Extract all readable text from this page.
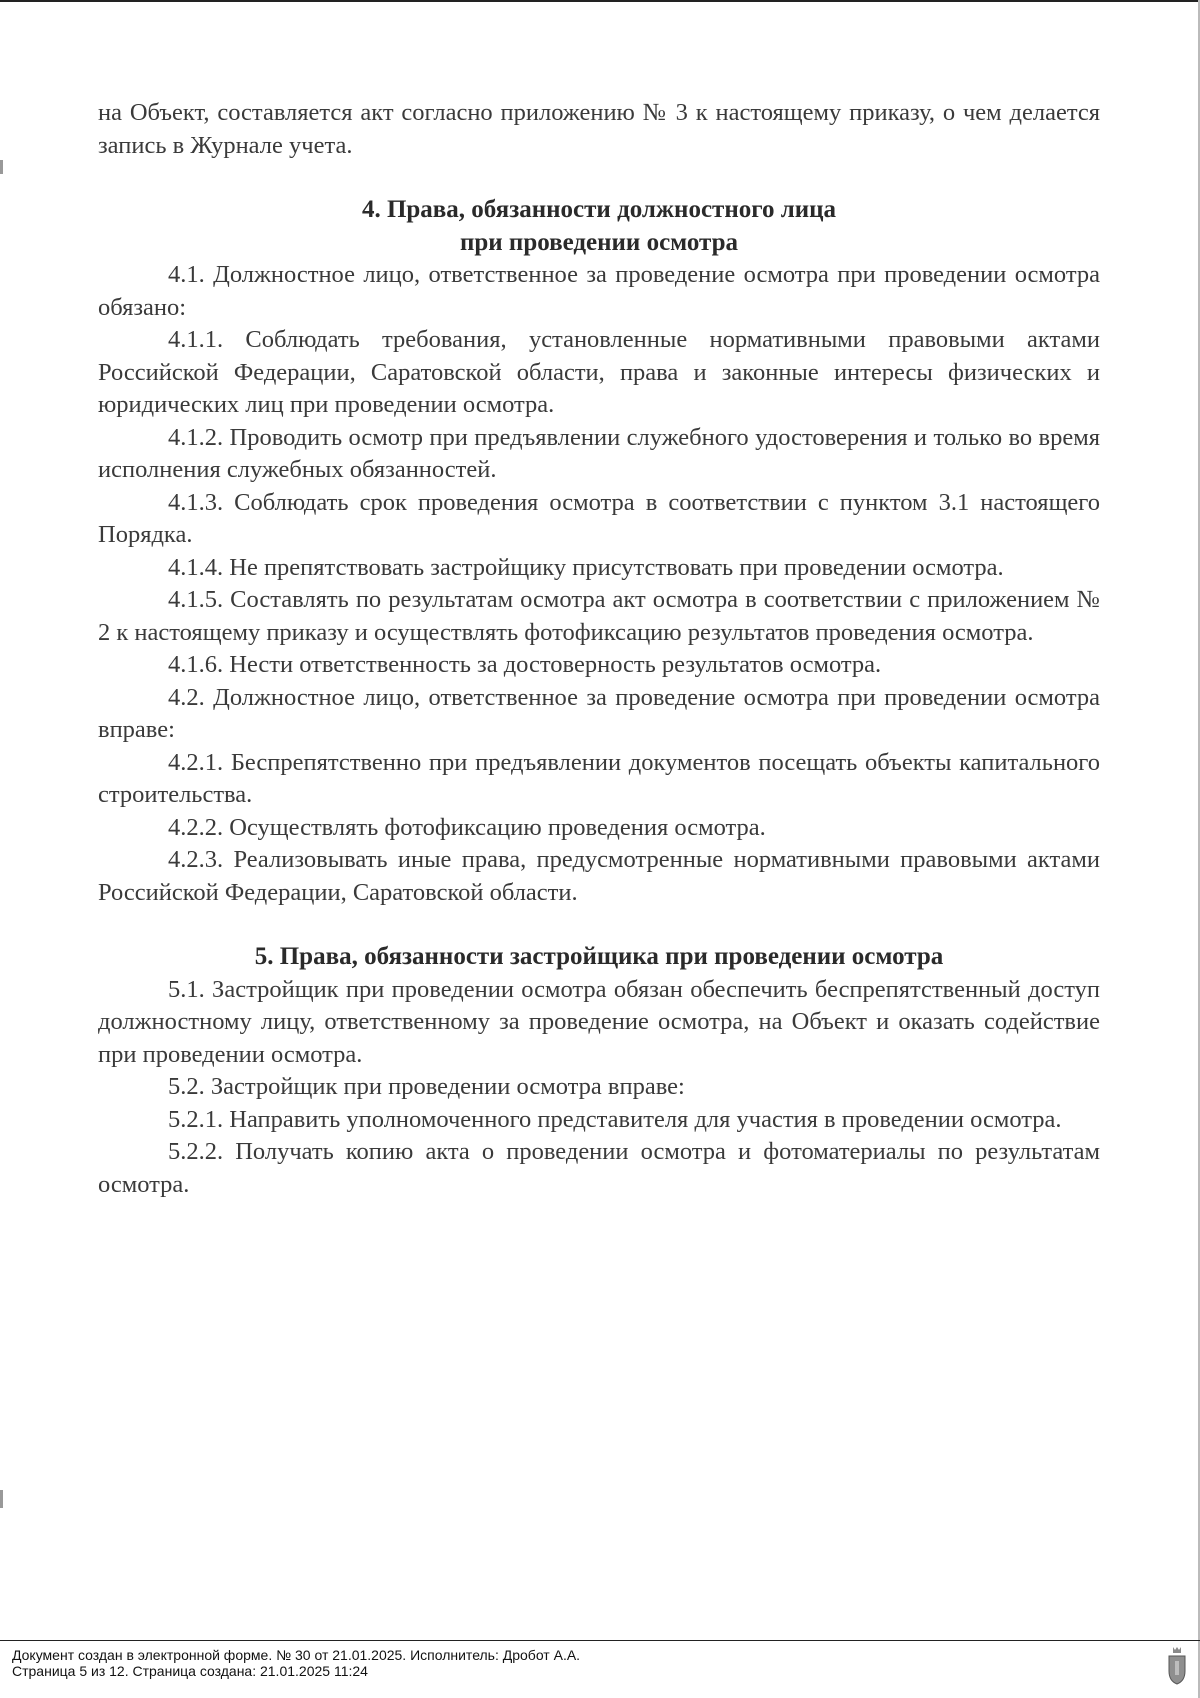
на Объект, составляется акт согласно приложению № 3 к настоящему приказу, о чем делается запись в Журнале учета.

4. Права, обязанности должностного лица

при проведении осмотра

4.1. Должностное лицо, ответственное за проведение осмотра при проведении осмотра обязано:

4.1.1. Соблюдать требования, установленные нормативными правовыми актами Российской Федерации, Саратовской области, права и законные интересы физических и юридических лиц при проведении осмотра.

4.1.2. Проводить осмотр при предъявлении служебного удостоверения и только во время исполнения служебных обязанностей.

4.1.3. Соблюдать срок проведения осмотра в соответствии с пунктом 3.1 настоящего Порядка.

4.1.4. Не препятствовать застройщику присутствовать при проведении осмотра.

4.1.5. Составлять по результатам осмотра акт осмотра в соответствии с приложением № 2 к настоящему приказу и осуществлять фотофиксацию результатов проведения осмотра.

4.1.6. Нести ответственность за достоверность результатов осмотра.

4.2. Должностное лицо, ответственное за проведение осмотра при проведении осмотра вправе:

4.2.1. Беспрепятственно при предъявлении документов посещать объекты капитального строительства.

4.2.2. Осуществлять фотофиксацию проведения осмотра.

4.2.3. Реализовывать иные права, предусмотренные нормативными правовыми актами Российской Федерации, Саратовской области.

5. Права, обязанности застройщика при проведении осмотра

5.1. Застройщик при проведении осмотра обязан обеспечить беспрепятственный доступ должностному лицу, ответственному за проведение осмотра, на Объект и оказать содействие при проведении осмотра.

5.2. Застройщик при проведении осмотра вправе:

5.2.1. Направить уполномоченного представителя для участия в проведении осмотра.

5.2.2. Получать копию акта о проведении осмотра и фотоматериалы по результатам осмотра.

Документ создан в электронной форме. № 30 от 21.01.2025. Исполнитель: Дробот А.А.
Страница 5 из 12. Страница создана: 21.01.2025 11:24
